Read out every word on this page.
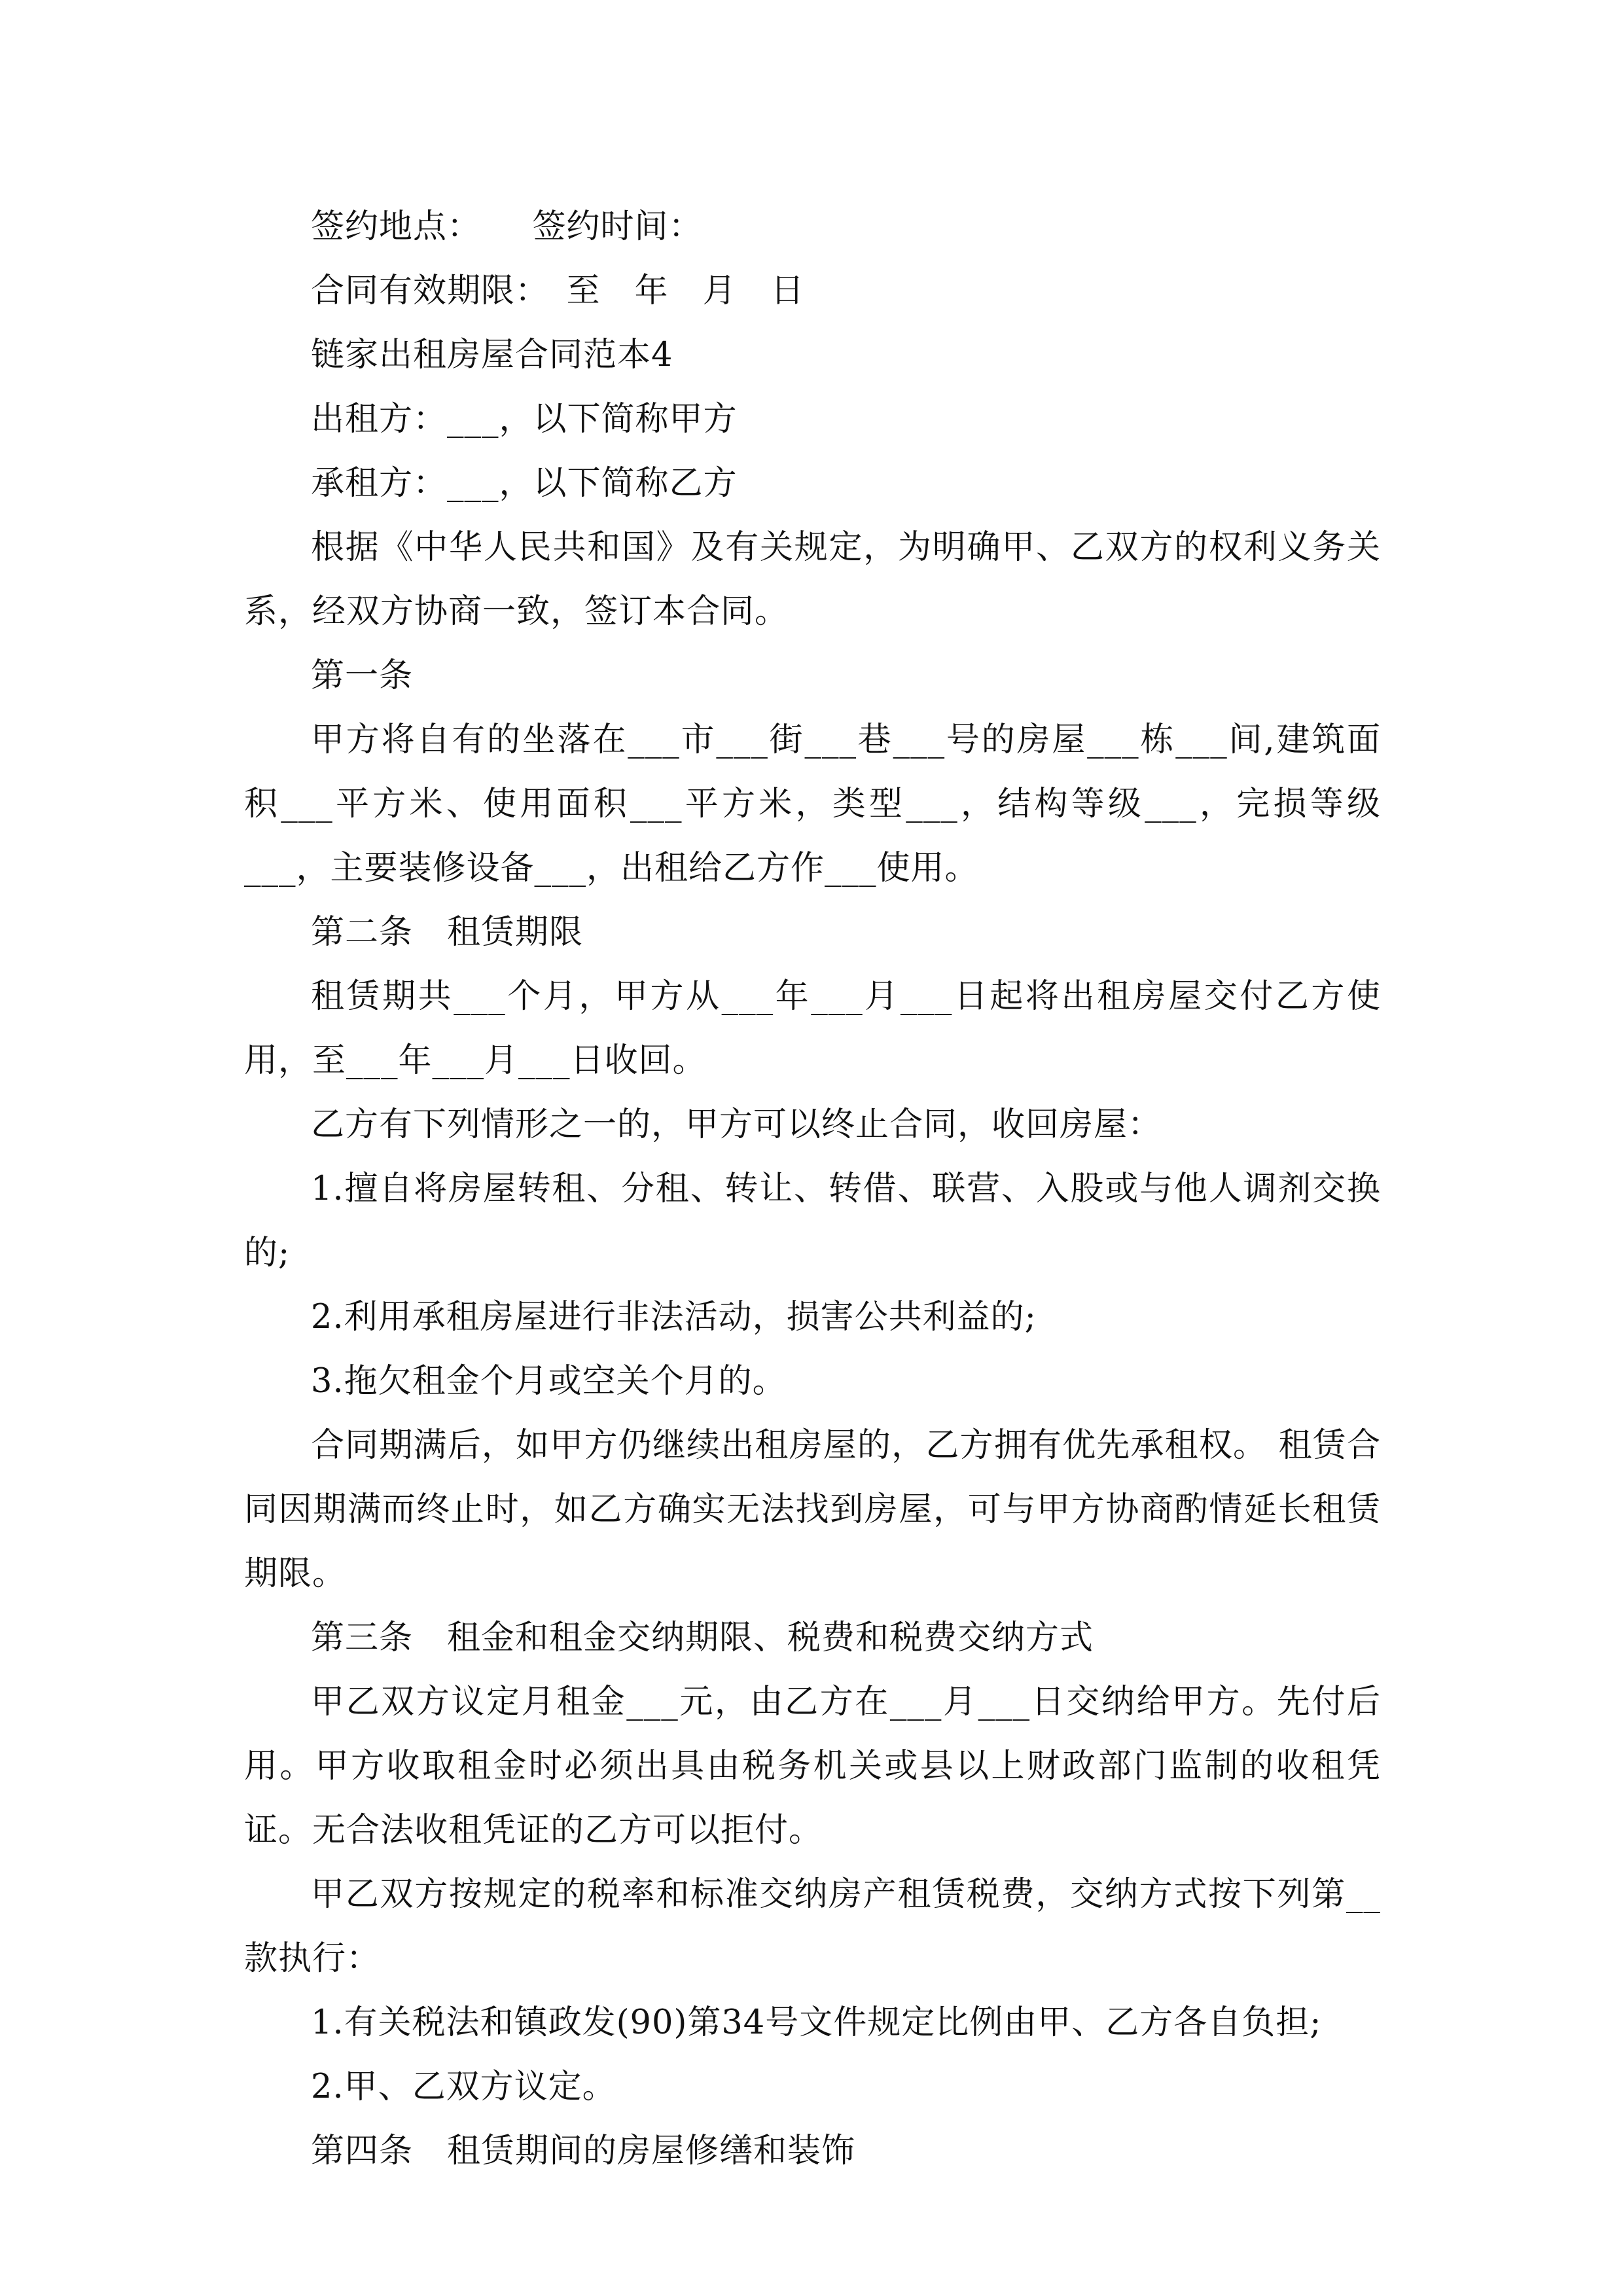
签约地点：　　签约时间：

合同有效期限：　至　年　月　日

链家出租房屋合同范本4

出租方：___，以下简称甲方

承租方：___，以下简称乙方

根据《中华人民共和国》及有关规定，为明确甲、乙双方的权利义务关系，经双方协商一致，签订本合同。

第一条

甲方将自有的坐落在___市___街___巷___号的房屋___栋___间,建筑面积___平方米、使用面积___平方米，类型___，结构等级___，完损等级___，主要装修设备___，出租给乙方作___使用。

第二条　租赁期限

租赁期共___个月，甲方从___年___月___日起将出租房屋交付乙方使用，至___年___月___日收回。

乙方有下列情形之一的，甲方可以终止合同，收回房屋：

1.擅自将房屋转租、分租、转让、转借、联营、入股或与他人调剂交换的;

2.利用承租房屋进行非法活动，损害公共利益的;

3.拖欠租金个月或空关个月的。

合同期满后，如甲方仍继续出租房屋的，乙方拥有优先承租权。 租赁合同因期满而终止时，如乙方确实无法找到房屋，可与甲方协商酌情延长租赁期限。

第三条　租金和租金交纳期限、税费和税费交纳方式

甲乙双方议定月租金___元，由乙方在___月___日交纳给甲方。先付后用。甲方收取租金时必须出具由税务机关或县以上财政部门监制的收租凭证。无合法收租凭证的乙方可以拒付。

甲乙双方按规定的税率和标准交纳房产租赁税费，交纳方式按下列第__款执行：

1.有关税法和镇政发(90)第34号文件规定比例由甲、乙方各自负担;

2.甲、乙双方议定。

第四条　租赁期间的房屋修缮和装饰
